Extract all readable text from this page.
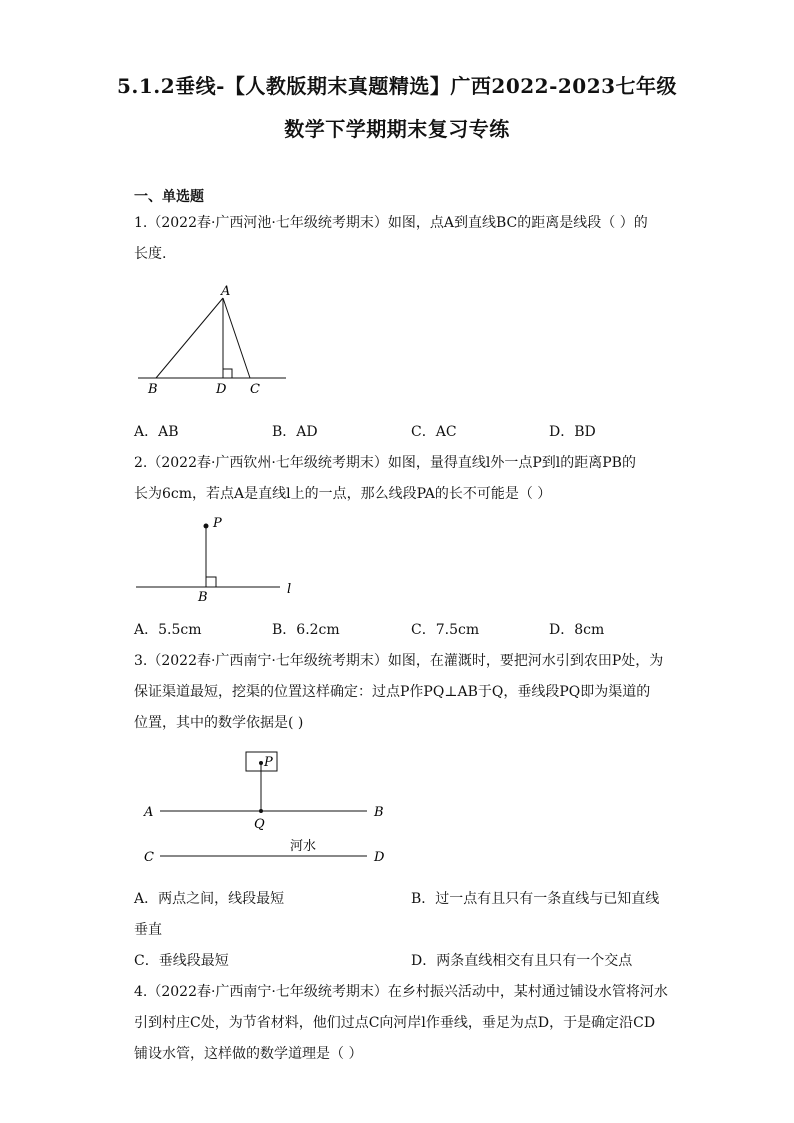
5.1.2垂线-【人教版期末真题精选】广西2022-2023七年级
数学下学期期末复习专练
一、单选题
1.（2022春·广西河池·七年级统考期末）如图，点A到直线BC的距离是线段（ ）的
长度.
A
B	D C
A．AB	B．AD	C．AC	D．BD
2.（2022春·广西钦州·七年级统考期末）如图，量得直线l外一点P到l的距离PB的
长为6cm，若点A是直线l上的一点，那么线段PA的长不可能是（ ）
P
B
l
A．5.5cm	B．6.2cm	C．7.5cm	D．8cm
3.（2022春·广西南宁·七年级统考期末）如图，在灌溉时，要把河水引到农田P处，为
保证渠道最短，挖渠的位置这样确定：过点P作PQ⊥AB于Q，垂线段PQ即为渠道的
位置，其中的数学依据是( )
P
A	B
Q
C	D
河水
A．两点之间，线段最短	B．过一点有且只有一条直线与已知直线
垂直
C．垂线段最短	D．两条直线相交有且只有一个交点
4.（2022春·广西南宁·七年级统考期末）在乡村振兴活动中，某村通过铺设水管将河水
引到村庄C处，为节省材料，他们过点C向河岸l作垂线，垂足为点D，于是确定沿CD
铺设水管，这样做的数学道理是（ ）
